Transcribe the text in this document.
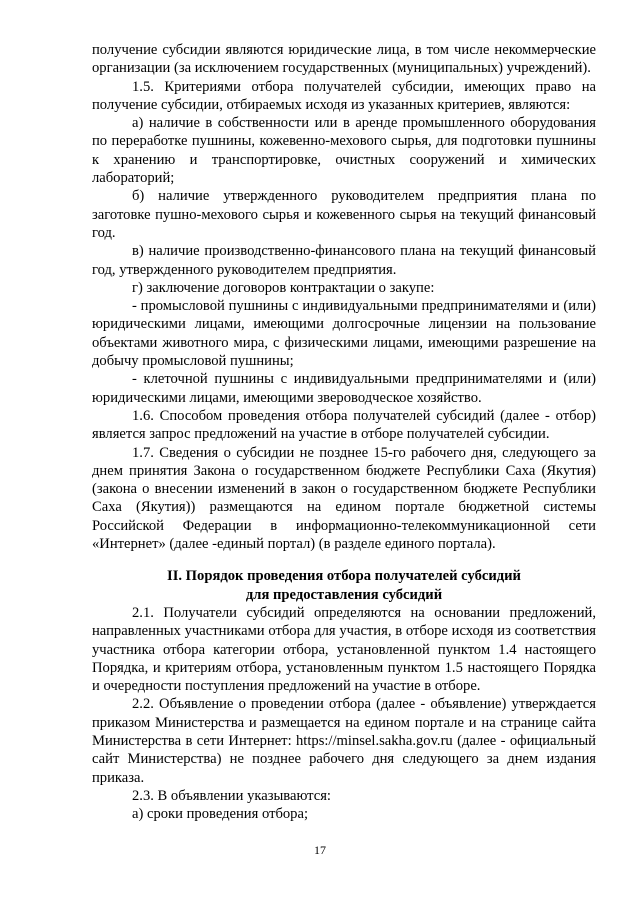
получение субсидии являются юридические лица, в том числе некоммерческие организации (за исключением государственных (муниципальных) учреждений).

1.5. Критериями отбора получателей субсидии, имеющих право на получение субсидии, отбираемых исходя из указанных критериев, являются:

а) наличие в собственности или в аренде промышленного оборудования по переработке пушнины, кожевенно-мехового сырья, для подготовки пушнины к хранению и транспортировке, очистных сооружений и химических лабораторий;

б) наличие утвержденного руководителем предприятия плана по заготовке пушно-мехового сырья и кожевенного сырья на текущий финансовый год.

в) наличие производственно-финансового плана на текущий финансовый год, утвержденного руководителем предприятия.

г) заключение договоров контрактации о закупе:

- промысловой пушнины с индивидуальными предпринимателями и (или) юридическими лицами, имеющими долгосрочные лицензии на пользование объектами животного мира, с физическими лицами, имеющими разрешение на добычу промысловой пушнины;

- клеточной пушнины с индивидуальными предпринимателями и (или) юридическими лицами, имеющими звероводческое хозяйство.

1.6. Способом проведения отбора получателей субсидий (далее - отбор) является запрос предложений на участие в отборе получателей субсидии.

1.7. Сведения о субсидии не позднее 15-го рабочего дня, следующего за днем принятия Закона о государственном бюджете Республики Саха (Якутия) (закона о внесении изменений в закон о государственном бюджете Республики Саха (Якутия)) размещаются на едином портале бюджетной системы Российской Федерации в информационно-телекоммуникационной сети «Интернет» (далее -единый портал) (в разделе единого портала).

II. Порядок проведения отбора получателей субсидий
для предоставления субсидий

2.1. Получатели субсидий определяются на основании предложений, направленных участниками отбора для участия, в отборе исходя из соответствия участника отбора категории отбора, установленной пунктом 1.4 настоящего Порядка, и критериям отбора, установленным пунктом 1.5 настоящего Порядка и очередности поступления предложений на участие в отборе.

2.2. Объявление о проведении отбора (далее - объявление) утверждается приказом Министерства и размещается на едином портале и на странице сайта Министерства в сети Интернет: https://minsel.sakha.gov.ru (далее - официальный сайт Министерства) не позднее рабочего дня следующего за днем издания приказа.

2.3. В объявлении указываются:

а) сроки проведения отбора;

17
